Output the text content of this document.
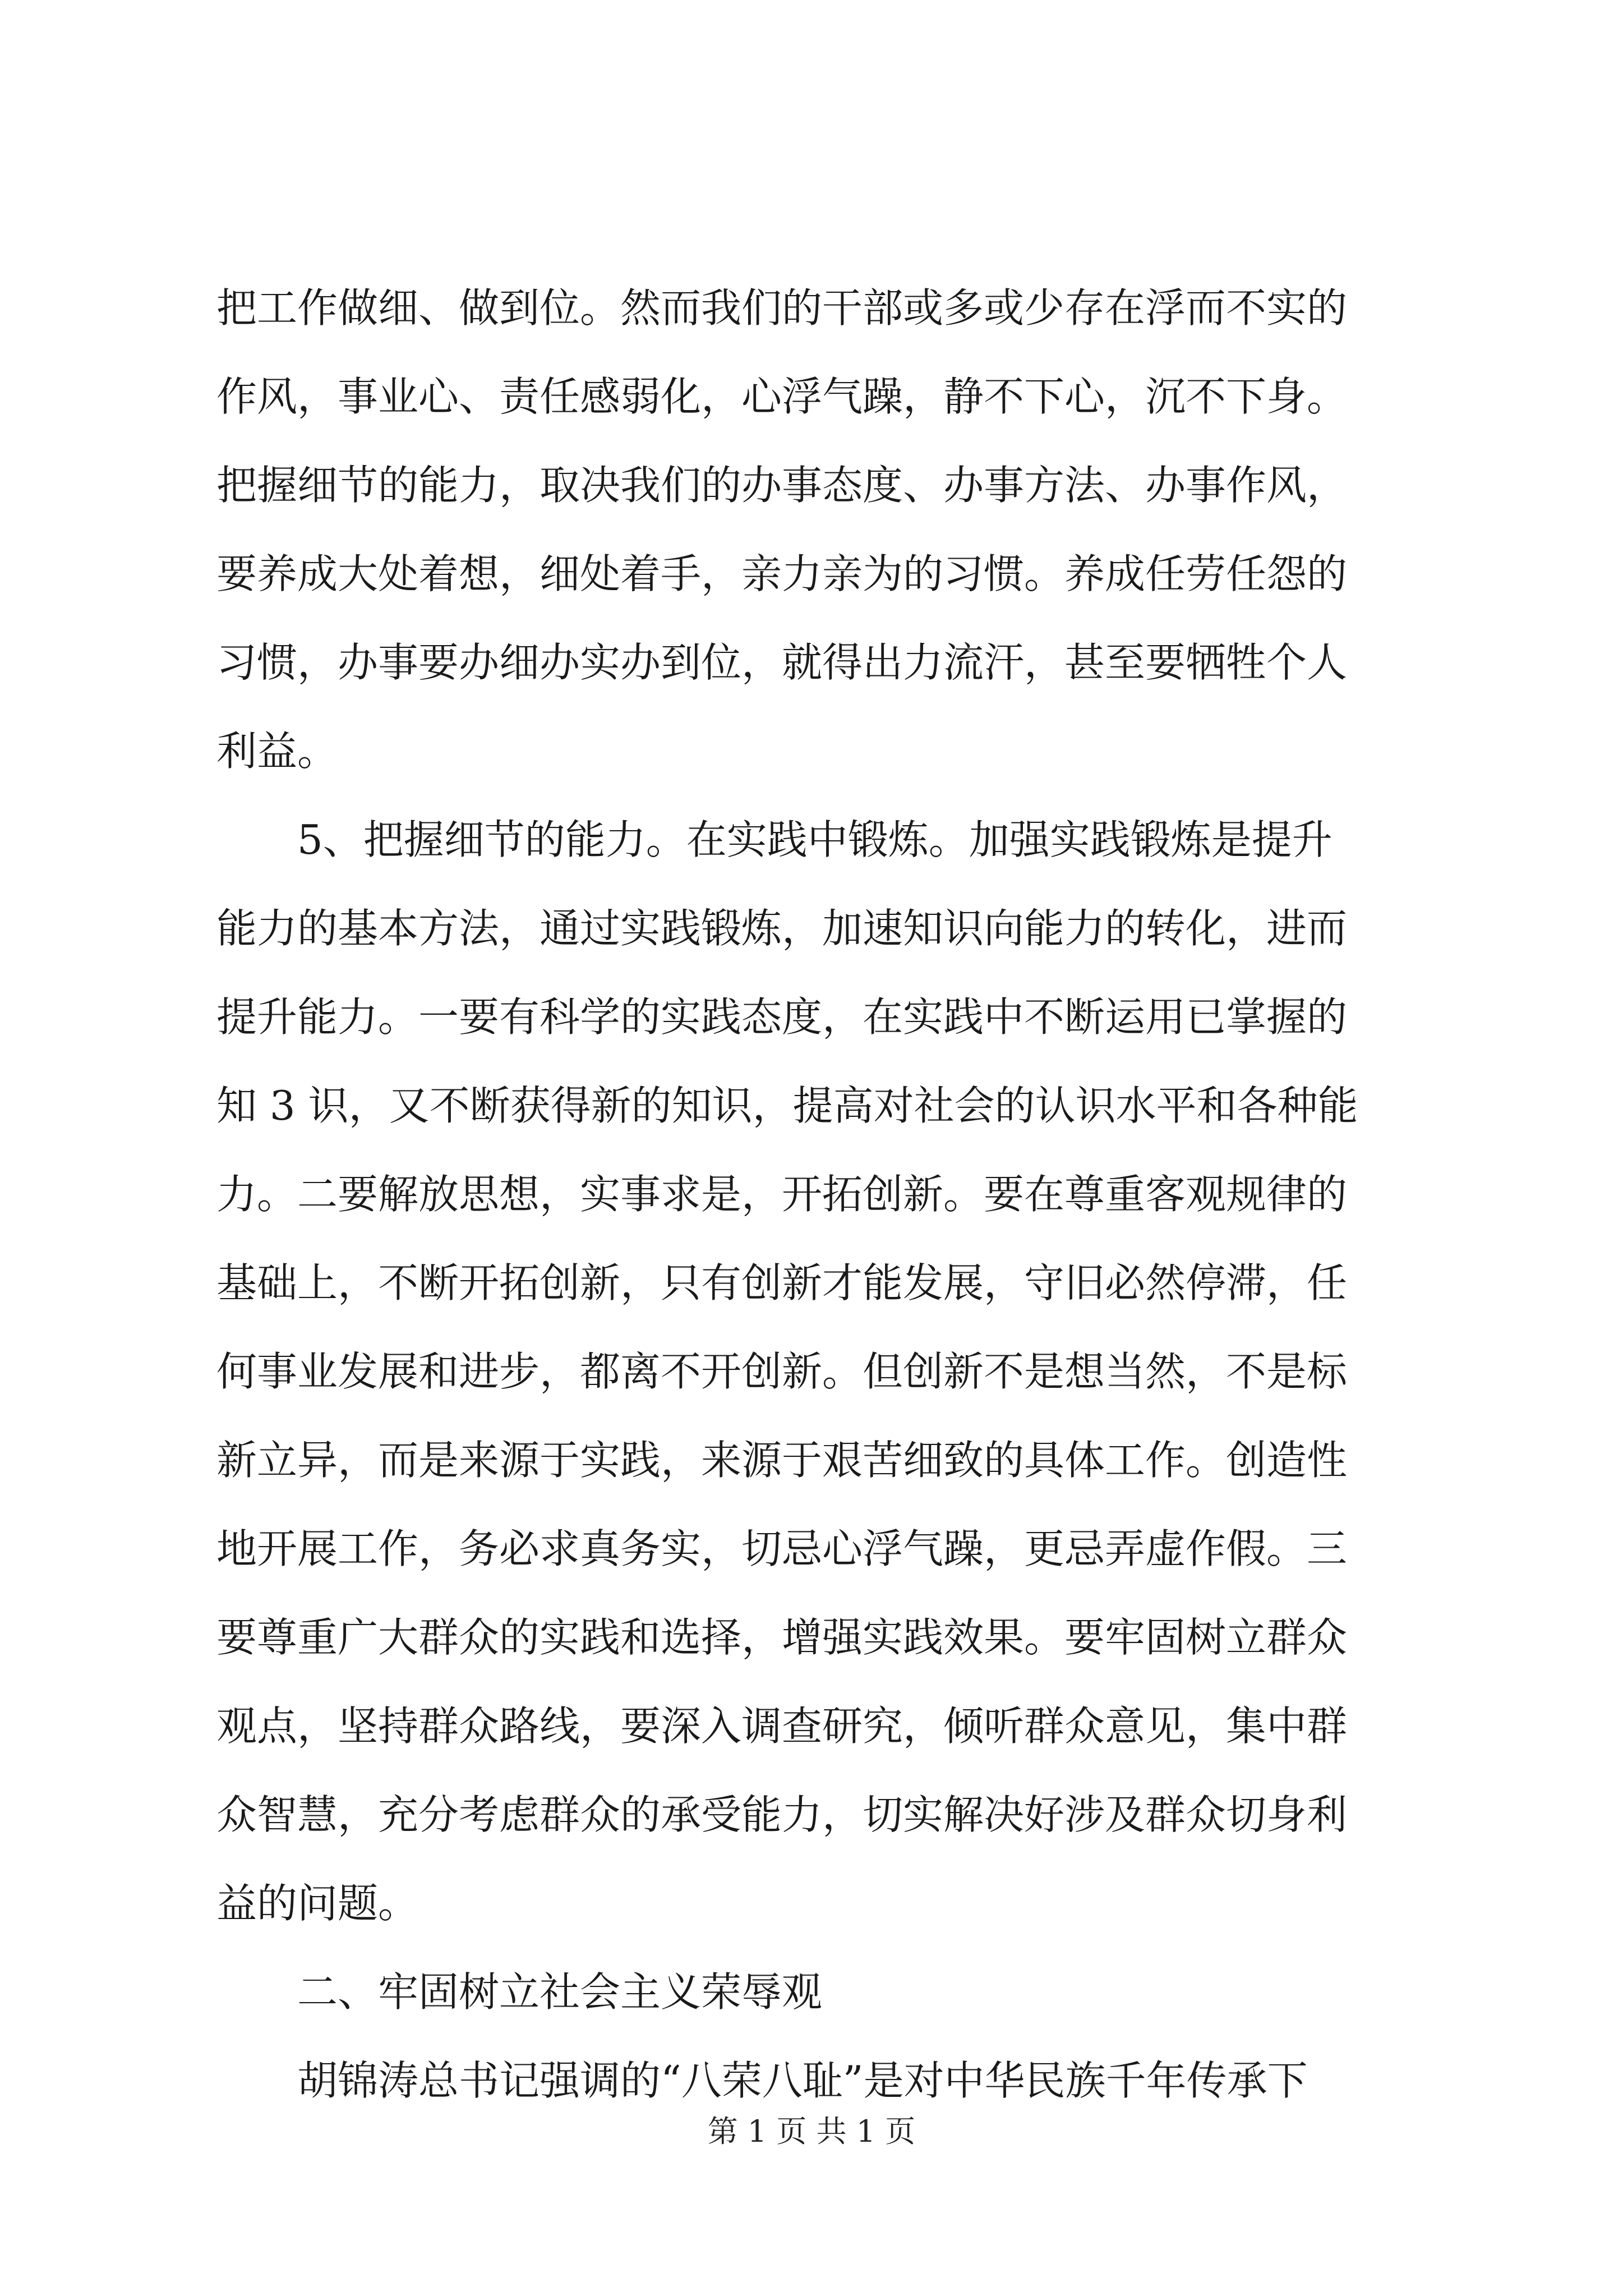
把工作做细、做到位。然而我们的干部或多或少存在浮而不实的
作风，事业心、责任感弱化，心浮气躁，静不下心，沉不下身。
把握细节的能力，取决我们的办事态度、办事方法、办事作风，
要养成大处着想，细处着手，亲力亲为的习惯。养成任劳任怨的
习惯，办事要办细办实办到位，就得出力流汗，甚至要牺牲个人
利益。
　　5、把握细节的能力。在实践中锻炼。加强实践锻炼是提升
能力的基本方法，通过实践锻炼，加速知识向能力的转化，进而
提升能力。一要有科学的实践态度，在实践中不断运用已掌握的
知 3 识，又不断获得新的知识，提高对社会的认识水平和各种能
力。二要解放思想，实事求是，开拓创新。要在尊重客观规律的
基础上，不断开拓创新，只有创新才能发展，守旧必然停滞，任
何事业发展和进步，都离不开创新。但创新不是想当然，不是标
新立异，而是来源于实践，来源于艰苦细致的具体工作。创造性
地开展工作，务必求真务实，切忌心浮气躁，更忌弄虚作假。三
要尊重广大群众的实践和选择，增强实践效果。要牢固树立群众
观点，坚持群众路线，要深入调查研究，倾听群众意见，集中群
众智慧，充分考虑群众的承受能力，切实解决好涉及群众切身利
益的问题。
　　二、牢固树立社会主义荣辱观
　　胡锦涛总书记强调的“八荣八耻”是对中华民族千年传承下
第 1 页 共 1 页
